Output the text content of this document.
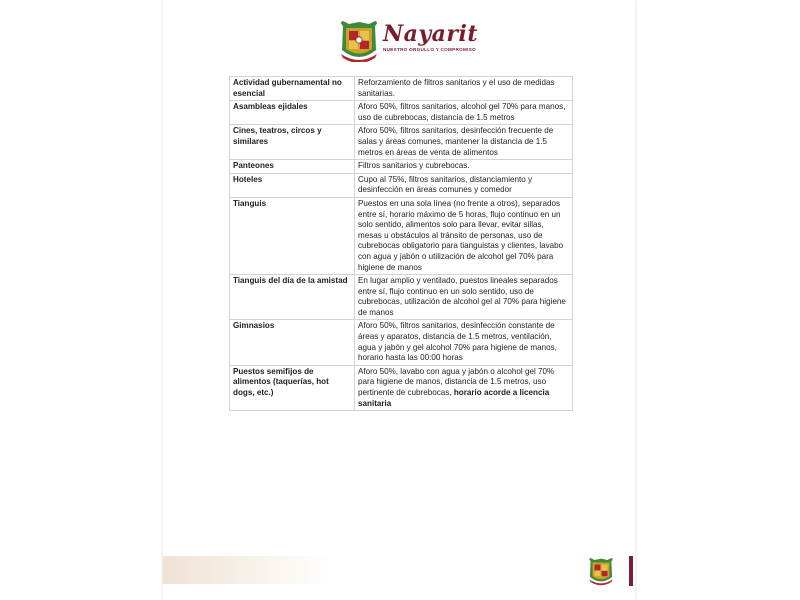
Nayarit
NUESTRO ORGULLO Y COMPROMISO
Actividad gubernamental no esencial	Reforzamiento de filtros sanitarios y el uso de medidas sanitarias.
Asambleas ejidales	Aforo 50%, filtros sanitarios, alcohol gel 70% para manos, uso de cubrebocas, distancia de 1.5 metros
Cines, teatros, circos y similares	Aforo 50%, filtros sanitarios, desinfección frecuente de salas y áreas comunes, mantener la distancia de 1.5 metros en áreas de venta de alimentos
Panteones	Filtros sanitarios y cubrebocas.
Hoteles	Cupo al 75%, filtros sanitarios, distanciamiento y desinfección en áreas comunes y comedor
Tianguis	Puestos en una sola línea (no frente a otros), separados entre sí, horario máximo de 5 horas, flujo continuo en un solo sentido, alimentos solo para llevar, evitar sillas, mesas u obstáculos al tránsito de personas, uso de cubrebocas obligatorio para tianguistas y clientes, lavabo con agua y jabón o utilización de alcohol gel 70% para higiene de manos
Tianguis del día de la amistad	En lugar amplio y ventilado, puestos lineales separados entre sí, flujo continuo en un solo sentido, uso de cubrebocas, utilización de alcohol gel al 70% para higiene de manos
Gimnasios	Aforo 50%, filtros sanitarios, desinfección constante de áreas y aparatos, distancia de 1.5 metros, ventilación, agua y jabón y gel alcohol 70% para higiene de manos, horario hasta las 00:00 horas
Puestos semifijos de alimentos (taquerías, hot dogs, etc.)	Aforo 50%, lavabo con agua y jabón o alcohol gel 70% para higiene de manos, distancia de 1.5 metros, uso pertinente de cubrebocas, horario acorde a licencia sanitaria
